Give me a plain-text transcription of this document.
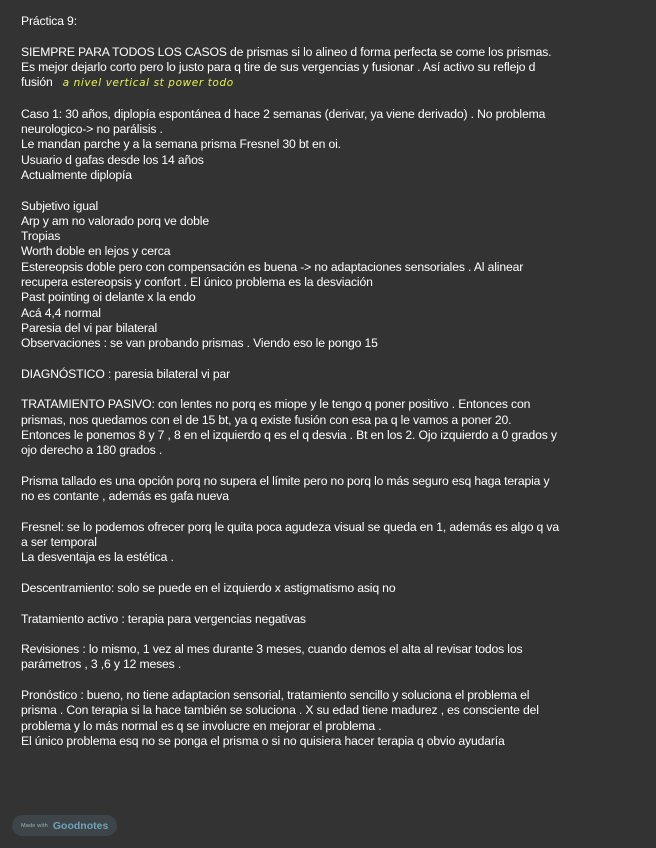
Práctica 9:
SIEMPRE PARA TODOS LOS CASOS de prismas si lo alineo d forma perfecta se come los prismas.
Es mejor dejarlo corto pero lo justo para q tire de sus vergencias y fusionar . Así activo su reflejo d
fusión a nivel vertical st power todo
Caso 1: 30 años, diplopía espontánea d hace 2 semanas (derivar, ya viene derivado) . No problema
neurologico-> no parálisis .
Le mandan parche y a la semana prisma Fresnel 30 bt en oi.
Usuario d gafas desde los 14 años
Actualmente diplopía
Subjetivo igual
Arp y am no valorado porq ve doble
Tropias
Worth doble en lejos y cerca
Estereopsis doble pero con compensación es buena -> no adaptaciones sensoriales . Al alinear
recupera estereopsis y confort . El único problema es la desviación
Past pointing oi delante x la endo
Acá 4,4 normal
Paresia del vi par bilateral
Observaciones : se van probando prismas . Viendo eso le pongo 15
DIAGNÓSTICO : paresia bilateral vi par
TRATAMIENTO PASIVO: con lentes no porq es miope y le tengo q poner positivo . Entonces con
prismas, nos quedamos con el de 15 bt, ya q existe fusión con esa pa q le vamos a poner 20.
Entonces le ponemos 8 y 7 , 8 en el izquierdo q es el q desvia . Bt en los 2. Ojo izquierdo a 0 grados y
ojo derecho a 180 grados .
Prisma tallado es una opción porq no supera el límite pero no porq lo más seguro esq haga terapia y
no es contante , además es gafa nueva
Fresnel: se lo podemos ofrecer porq le quita poca agudeza visual se queda en 1, además es algo q va
a ser temporal
La desventaja es la estética .
Descentramiento: solo se puede en el izquierdo x astigmatismo asiq no
Tratamiento activo : terapia para vergencias negativas
Revisiones : lo mismo, 1 vez al mes durante 3 meses, cuando demos el alta al revisar todos los
parámetros , 3 ,6 y 12 meses .
Pronóstico : bueno, no tiene adaptacion sensorial, tratamiento sencillo y soluciona el problema el
prisma . Con terapia si la hace también se soluciona . X su edad tiene madurez , es consciente del
problema y lo más normal es q se involucre en mejorar el problema .
El único problema esq no se ponga el prisma o si no quisiera hacer terapia q obvio ayudaría
Made with Goodnotes
